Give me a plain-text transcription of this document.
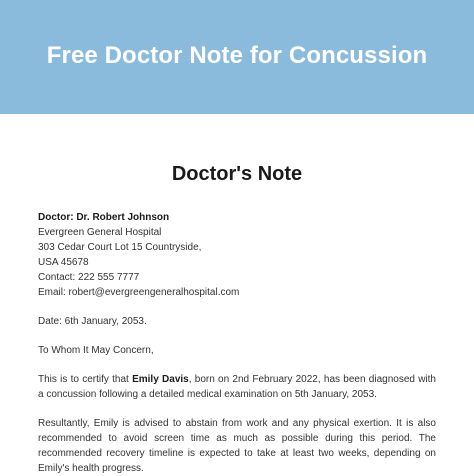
Free Doctor Note for Concussion
Doctor's Note
Doctor: Dr. Robert Johnson
Evergreen General Hospital
303 Cedar Court Lot 15 Countryside,
USA 45678
Contact: 222 555 7777
Email: robert@evergreengeneralhospital.com
Date: 6th January, 2053.
To Whom It May Concern,
This is to certify that Emily Davis, born on 2nd February 2022, has been diagnosed with a concussion following a detailed medical examination on 5th January, 2053.
Resultantly, Emily is advised to abstain from work and any physical exertion. It is also recommended to avoid screen time as much as possible during this period. The recommended recovery timeline is expected to take at least two weeks, depending on Emily's health progress.
